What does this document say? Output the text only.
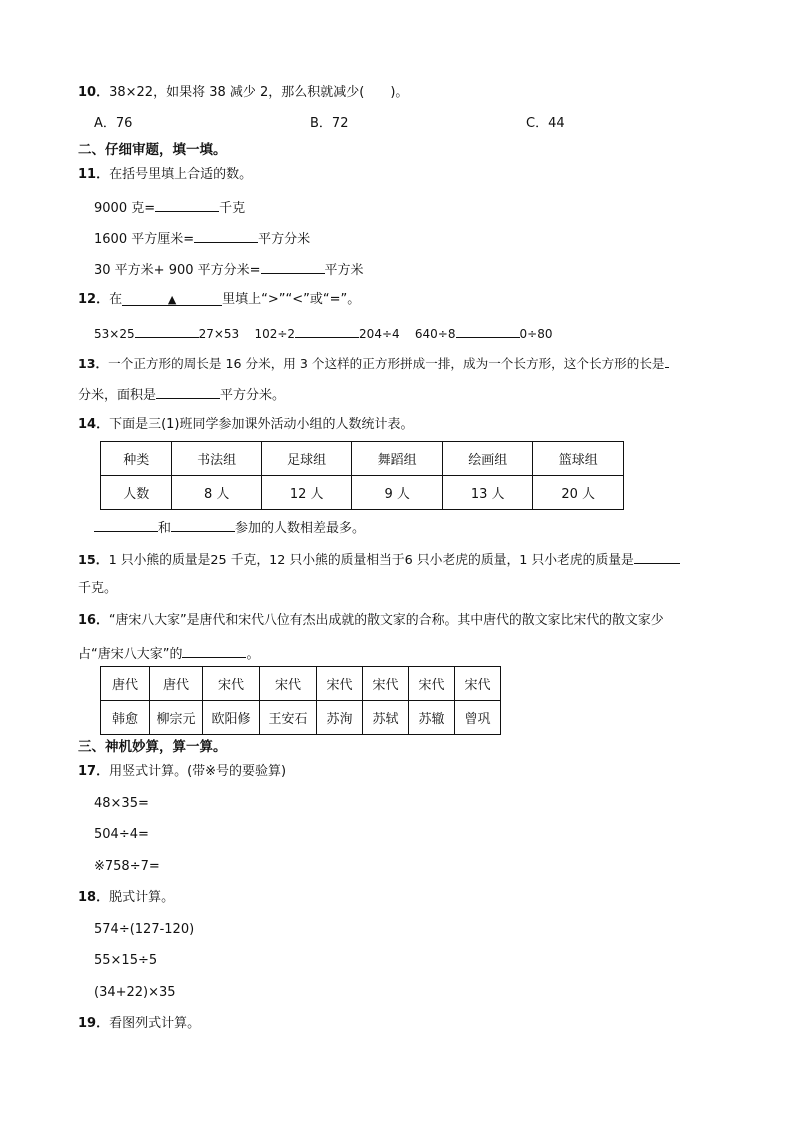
10．38×22，如果将 38 减少 2，那么积就减少(　　)。
A．76	B．72	C．44
二、仔细审题，填一填。
11．在括号里填上合适的数。
9000 克=	千克
1600 平方厘米=	平方分米
30 平方米+ 900 平方分米=	平方米
12．在	▲	里填上“>”“<”或“=”。
53×25	27×53 102÷2	204÷4 640÷8	0÷80
13．一个正方形的周长是 16 分米，用 3 个这样的正方形拼成一排，成为一个长方形，这个长方形的长是
分米，面积是	平方分米。
14．下面是三(1)班同学参加课外活动小组的人数统计表。
种类	书法组	足球组	舞蹈组	绘画组	篮球组
人数	8 人	12 人	9 人	13 人	20 人
和	参加的人数相差最多。
15．1 只小熊的质量是25 千克，12 只小熊的质量相当于6 只小老虎的质量，1 只小老虎的质量是
千克。
16．“唐宋八大家”是唐代和宋代八位有杰出成就的散文家的合称。其中唐代的散文家比宋代的散文家少
占“唐宋八大家”的	。
唐代	唐代	宋代	宋代	宋代	宋代	宋代	宋代
韩愈	柳宗元	欧阳修	王安石	苏洵	苏轼	苏辙	曾巩
三、神机妙算，算一算。
17．用竖式计算。(带※号的要验算)
48×35=
504÷4=
※758÷7=
18．脱式计算。
574÷(127-120)
55×15÷5
(34+22)×35
19．看图列式计算。
